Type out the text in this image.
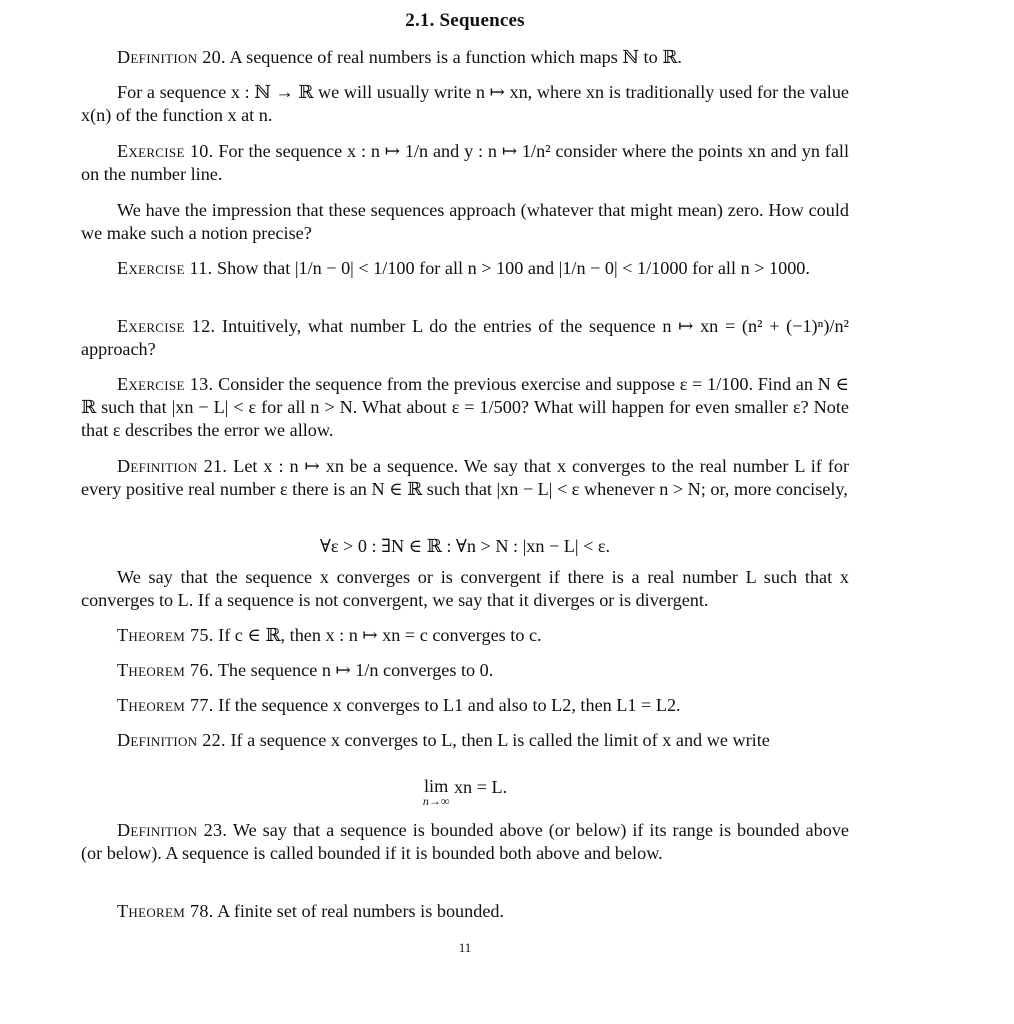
2.1. Sequences

Definition 20. A sequence of real numbers is a function which maps ℕ to ℝ.

For a sequence x : ℕ → ℝ we will usually write n ↦ xn, where xn is traditionally used for the value x(n) of the function x at n.

Exercise 10. For the sequence x : n ↦ 1/n and y : n ↦ 1/n² consider where the points xn and yn fall on the number line.

We have the impression that these sequences approach (whatever that might mean) zero. How could we make such a notion precise?

Exercise 11. Show that |1/n − 0| < 1/100 for all n > 100 and |1/n − 0| < 1/1000 for all n > 1000.

Exercise 12. Intuitively, what number L do the entries of the sequence n ↦ xn = (n² + (−1)ⁿ)/n² approach?

Exercise 13. Consider the sequence from the previous exercise and suppose ε = 1/100. Find an N ∈ ℝ such that |xn − L| < ε for all n > N. What about ε = 1/500? What will happen for even smaller ε? Note that ε describes the error we allow.

Definition 21. Let x : n ↦ xn be a sequence. We say that x converges to the real number L if for every positive real number ε there is an N ∈ ℝ such that |xn − L| < ε whenever n > N; or, more concisely,

∀ε > 0 : ∃N ∈ ℝ : ∀n > N : |xn − L| < ε.

We say that the sequence x converges or is convergent if there is a real number L such that x converges to L. If a sequence is not convergent, we say that it diverges or is divergent.

Theorem 75. If c ∈ ℝ, then x : n ↦ xn = c converges to c.

Theorem 76. The sequence n ↦ 1/n converges to 0.

Theorem 77. If the sequence x converges to L1 and also to L2, then L1 = L2.

Definition 22. If a sequence x converges to L, then L is called the limit of x and we write

lim
n→∞
xn = L.

Definition 23. We say that a sequence is bounded above (or below) if its range is bounded above (or below). A sequence is called bounded if it is bounded both above and below.

Theorem 78. A finite set of real numbers is bounded.

11
